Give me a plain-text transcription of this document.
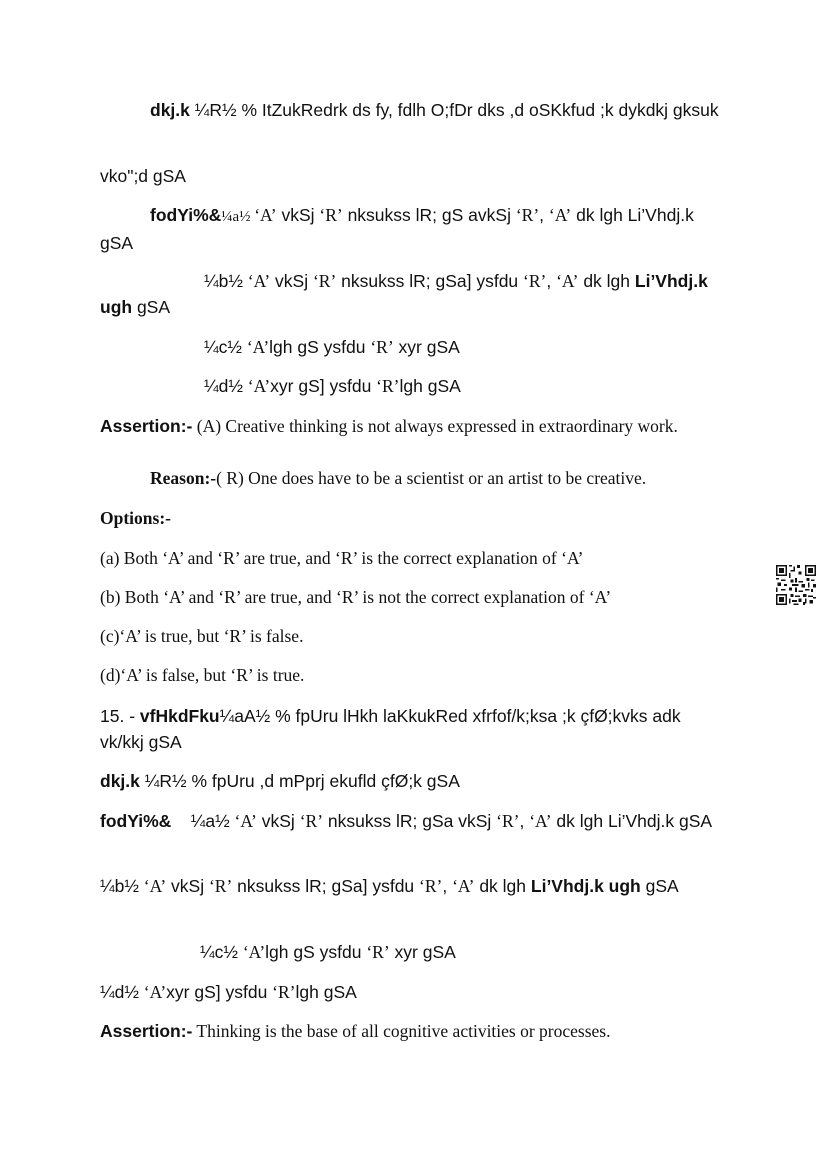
dkj.k ¼R½ % ItZukRedrk ds fy, fdlh O;fDr dks ,d oSKkfud ;k dykdkj gksuk
vko";d gSA
fodYi%&¼a½ ‘A’ vkSj ‘R’ nksukss lR; gS avkSj ‘R’, ‘A’ dk lgh Li’Vhdj.k gSA
¼b½ ‘A’ vkSj ‘R’ nksukss lR; gSa] ysfdu ‘R’, ‘A’ dk lgh Li’Vhdj.k ugh gSA
¼c½ ‘A’lgh gS ysfdu ‘R’ xyr gSA
¼d½ ‘A’xyr gS] ysfdu ‘R’lgh gSA
Assertion:- (A) Creative thinking is not always expressed in extraordinary work.
Reason:-( R) One does have to be a scientist or an artist to be creative.
Options:-
(a) Both ‘A’ and ‘R’ are true, and ‘R’ is the correct explanation of ‘A’
(b) Both ‘A’ and ‘R’ are true, and ‘R’ is not the correct explanation of ‘A’
(c)‘A’ is true, but ‘R’ is false.
(d)‘A’ is false, but ‘R’ is true.
15. - vfHkdFku¼aA½ % fpUru lHkh laKkukRed xfrfof/k;ksa ;k çfØ;kvks adk vk/kkj gSA
dkj.k ¼R½ % fpUru ,d mPprj ekufld çfØ;k gSA
fodYi%&    ¼a½ ‘A’ vkSj ‘R’ nksukss lR; gSa vkSj ‘R’, ‘A’ dk lgh Li’Vhdj.k gSA
¼b½ ‘A’ vkSj ‘R’ nksukss lR; gSa] ysfdu ‘R’, ‘A’ dk lgh Li’Vhdj.k ugh gSA
¼c½ ‘A’lgh gS ysfdu ‘R’ xyr gSA
¼d½ ‘A’xyr gS] ysfdu ‘R’lgh gSA
Assertion:- Thinking is the base of all cognitive activities or processes.
